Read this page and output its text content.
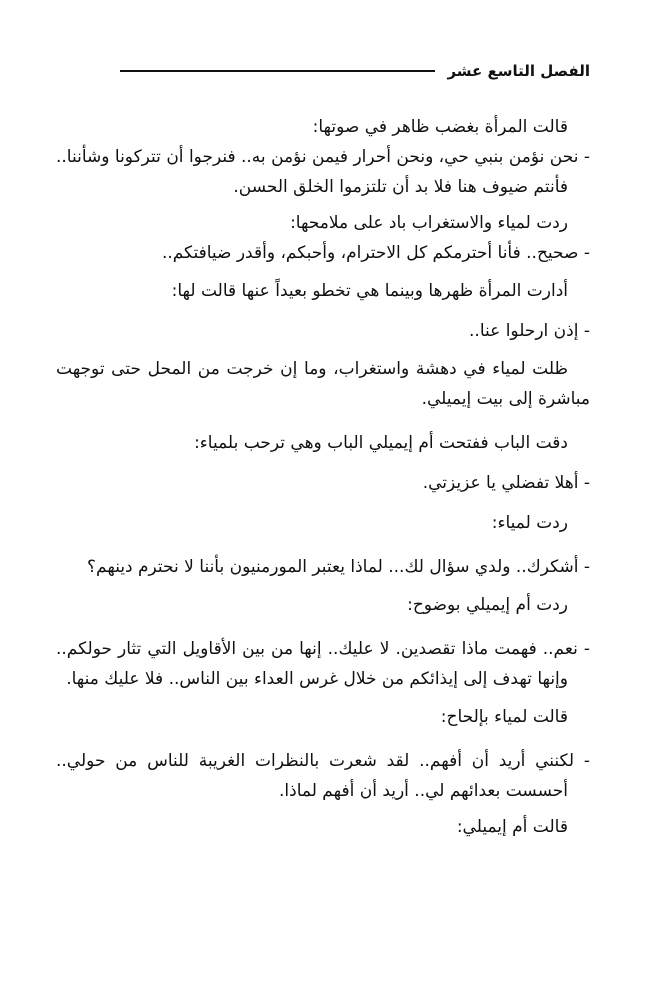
الفصل التاسع عشر

قالت المرأة بغضب ظاهر في صوتها:

- نحن نؤمن بنبي حي، ونحن أحرار فيمن نؤمن به.. فنرجوا أن تتركونا وشأننا.. فأنتم ضيوف هنا فلا بد أن تلتزموا الخلق الحسن.

ردت لمياء والاستغراب باد على ملامحها:

- صحيح.. فأنا أحترمكم كل الاحترام، وأحبكم، وأقدر ضيافتكم..

أدارت المرأة ظهرها وبينما هي تخطو بعيداً عنها قالت لها:

- إذن ارحلوا عنا..

ظلت لمياء في دهشة واستغراب، وما إن خرجت من المحل حتى توجهت مباشرة إلى بيت إيميلي.

دقت الباب ففتحت أم إيميلي الباب وهي ترحب بلمياء:

- أهلا تفضلي يا عزيزتي.

ردت لمياء:

- أشكرك.. ولدي سؤال لك... لماذا يعتبر المورمنيون بأننا لا نحترم دينهم؟

ردت أم إيميلي بوضوح:

- نعم.. فهمت ماذا تقصدين. لا عليك.. إنها من بين الأقاويل التي تثار حولكم.. وإنها تهدف إلى إيذائكم من خلال غرس العداء بين الناس.. فلا عليك منها.

قالت لمياء بإلحاح:

- لكنني أريد أن أفهم.. لقد شعرت بالنظرات الغريبة للناس من حولي.. أحسست بعدائهم لي.. أريد أن أفهم لماذا.

قالت أم إيميلي:
